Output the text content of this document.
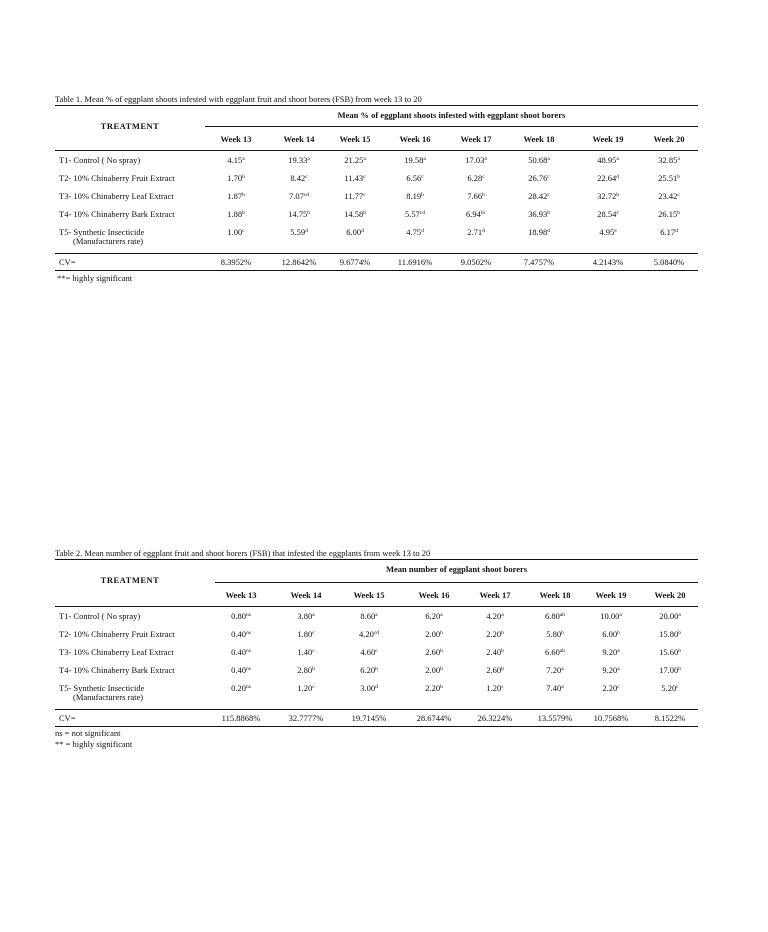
Table 1. Mean % of eggplant shoots infested with eggplant fruit and shoot borers (FSB) from week 13 to 20
TREATMENT
Mean % of eggplant shoots infested with eggplant shoot borers
Week 13	Week 14	Week 15	Week 16	Week 17	Week 18	Week 19	Week 20
T1- Control ( No spray)	4.15$^a$	19.33$^a$	21.25$^a$	19.58$^a$	17.03$^a$	50.68$^a$	48.95$^a$	32.85$^a$
T2- 10% Chinaberry Fruit Extract	1.70$^b$	8.42$^c$	11.43$^c$	6.56$^c$	6.28$^c$	26.76$^c$	22.64$^d$	25.51$^b$
T3- 10% Chinaberry Leaf Extract	1.87$^b$	7.07$^{cd}$	11.77$^c$	8.19$^b$	7.66$^b$	28.42$^c$	32.72$^b$	23.42$^c$
T4- 10% Chinaberry Bark Extract	1.88$^b$	14.75$^b$	14.58$^b$	5.57$^{cd}$	6.94$^{bc}$	36.93$^b$	28.54$^c$	26.15$^b$
T5- Synthetic Insecticide
(Manufacturers rate)
1.00$^c$	5.59$^d$	6.00$^d$	4.75$^d$	2.71$^d$	18.98$^d$	4.95e	6.17$^d$
CV=	8.3952%	12.8642%	9.6774%	11.6916%	9.0502%	7.4757%	4.2143%	5.0840%
**= highly significant
Table 2. Mean number of eggplant fruit and shoot borers (FSB) that infested the eggplants from week 13 to 20
TREATMENT
Mean number of eggplant shoot borers
Week 13	Week 14	Week 15	Week 16	Week 17	Week 18	Week 19	Week 20
T1- Control ( No spray)	$0.80^{ns}$	3.80$^a$	8.60$^a$	6.20$^a$	4.20$^a$	6.80$^{ab}$	10.00$^a$	20.00$^a$
T2- 10% Chinaberry Fruit Extract	$0.40^{ns}$	1.80$^c$	4.20$^{cd}$	2.00$^b$	2.20$^b$	5.80$^b$	6.00$^b$	15.80$^b$
T3- 10% Chinaberry Leaf Extract	$0.40^{ns}$	1.40$^c$	4.60$^c$	2.60$^b$	2.40$^b$	6.60$^{ab}$	9.20$^a$	15.60$^b$
T4- 10% Chinaberry Bark Extract	$0.40^{ns}$	2.80$^b$	6.20$^b$	2.00$^b$	2.60$^b$	7.20$^a$	9.20$^a$	17.00$^b$
T5- Synthetic Insecticide
(Manufacturers rate)
$0.20^{ns}$	1.20$^c$	3.00$^d$	2.20$^b$	1.20$^c$	7.40$^a$	2.20$^c$	5.20$^c$
CV=	115.8868%	32.7777%	19.7145%	28.6744%	26.3224%	13.5579%	10.7568%	8.1522%
ns = not significant
** = highly significant
